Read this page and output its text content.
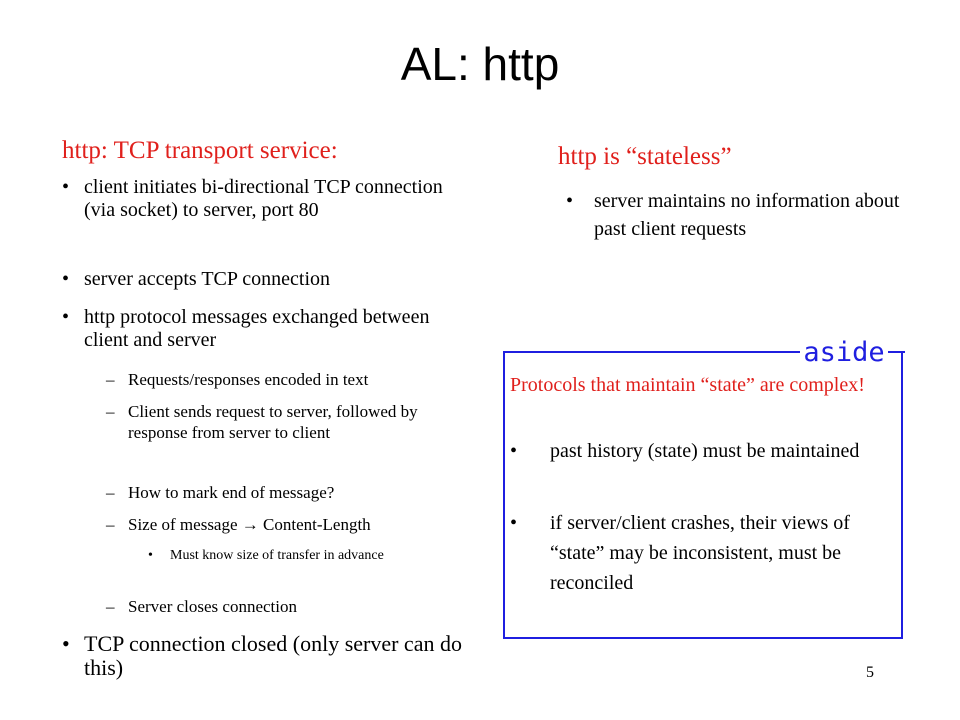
AL: http
http: TCP transport service:
• client initiates bi-directional TCP connection (via socket) to server, port 80
• server accepts TCP connection
• http protocol messages exchanged between client and server
– Requests/responses encoded in text
– Client sends request to server, followed by response from server to client
– How to mark end of message?
– Size of message → Content-Length
• Must know size of transfer in advance
– Server closes connection
• TCP connection closed (only server can do this)
http is “stateless”
• server maintains no information about past client requests
aside
Protocols that maintain “state” are complex!
• past history (state) must be maintained
• if server/client crashes, their views of “state” may be inconsistent, must be reconciled
5
